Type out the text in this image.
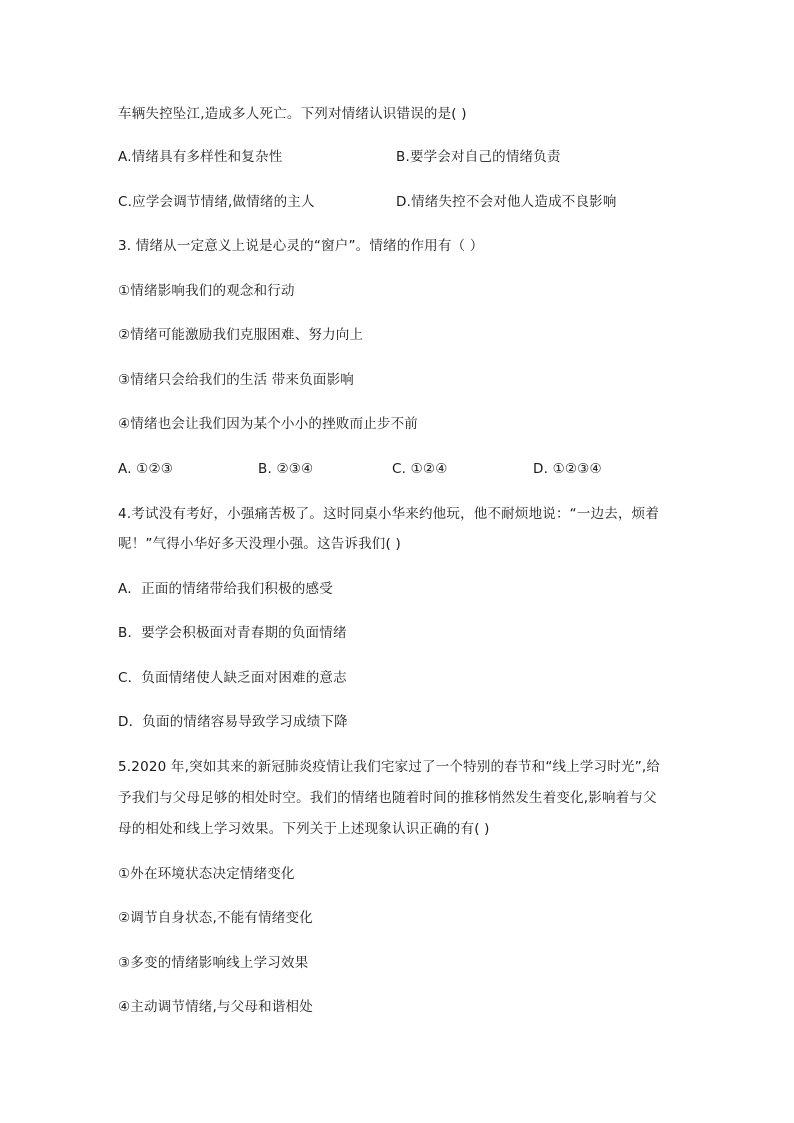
车辆失控坠江,造成多人死亡。下列对情绪认识错误的是( )
A.情绪具有多样性和复杂性	B.要学会对自己的情绪负责
C.应学会调节情绪,做情绪的主人	D.情绪失控不会对他人造成不良影响
3. 情绪从一定意义上说是心灵的“窗户”。情绪的作用有（ ）
①情绪影响我们的观念和行动
②情绪可能激励我们克服困难、努力向上
③情绪只会给我们的生活 带来负面影响
④情绪也会让我们因为某个小小的挫败而止步不前
A. ①②③	B. ②③④	C. ①②④	D. ①②③④
4.考试没有考好，小强痛苦极了。这时同桌小华来约他玩，他不耐烦地说：“一边去，烦着
呢！”气得小华好多天没理小强。这告诉我们( )
A．正面的情绪带给我们积极的感受
B．要学会积极面对青春期的负面情绪
C．负面情绪使人缺乏面对困难的意志
D．负面的情绪容易导致学习成绩下降
5.2020 年,突如其来的新冠肺炎疫情让我们宅家过了一个特别的春节和“线上学习时光”,给
予我们与父母足够的相处时空。我们的情绪也随着时间的推移悄然发生着变化,影响着与父
母的相处和线上学习效果。下列关于上述现象认识正确的有( )
①外在环境状态决定情绪变化
②调节自身状态,不能有情绪变化
③多变的情绪影响线上学习效果
④主动调节情绪,与父母和谐相处
